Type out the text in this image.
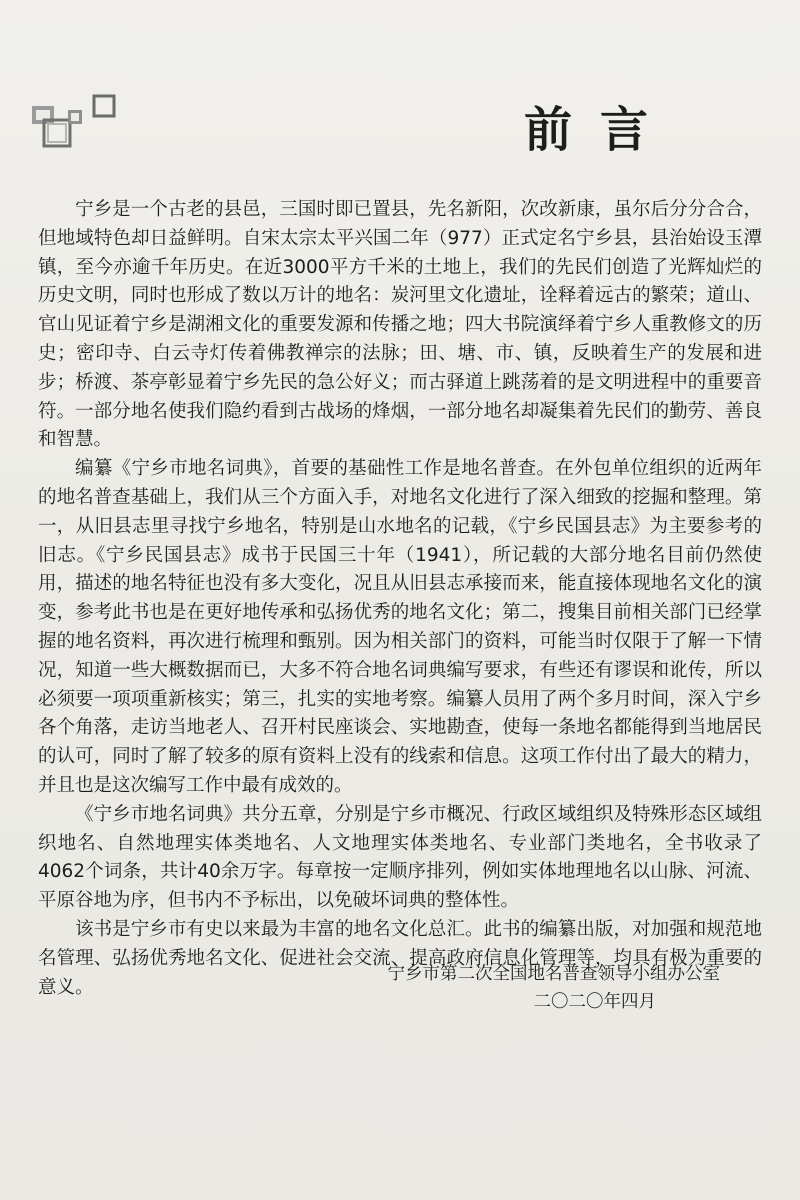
前言

宁乡是一个古老的县邑，三国时即已置县，先名新阳，次改新康，虽尔后分分合合，但地域特色却日益鲜明。自宋太宗太平兴国二年（977）正式定名宁乡县，县治始设玉潭镇，至今亦逾千年历史。在近3000平方千米的土地上，我们的先民们创造了光辉灿烂的历史文明，同时也形成了数以万计的地名：炭河里文化遗址，诠释着远古的繁荣；道山、官山见证着宁乡是湖湘文化的重要发源和传播之地；四大书院演绎着宁乡人重教修文的历史；密印寺、白云寺灯传着佛教禅宗的法脉；田、塘、市、镇，反映着生产的发展和进步；桥渡、茶亭彰显着宁乡先民的急公好义；而古驿道上跳荡着的是文明进程中的重要音符。一部分地名使我们隐约看到古战场的烽烟，一部分地名却凝集着先民们的勤劳、善良和智慧。

编纂《宁乡市地名词典》，首要的基础性工作是地名普查。在外包单位组织的近两年的地名普查基础上，我们从三个方面入手，对地名文化进行了深入细致的挖掘和整理。第一，从旧县志里寻找宁乡地名，特别是山水地名的记载，《宁乡民国县志》为主要参考的旧志。《宁乡民国县志》成书于民国三十年（1941），所记载的大部分地名目前仍然使用，描述的地名特征也没有多大变化，况且从旧县志承接而来，能直接体现地名文化的演变，参考此书也是在更好地传承和弘扬优秀的地名文化；第二，搜集目前相关部门已经掌握的地名资料，再次进行梳理和甄别。因为相关部门的资料，可能当时仅限于了解一下情况，知道一些大概数据而已，大多不符合地名词典编写要求，有些还有谬误和讹传，所以必须要一项项重新核实；第三，扎实的实地考察。编纂人员用了两个多月时间，深入宁乡各个角落，走访当地老人、召开村民座谈会、实地勘查，使每一条地名都能得到当地居民的认可，同时了解了较多的原有资料上没有的线索和信息。这项工作付出了最大的精力，并且也是这次编写工作中最有成效的。

《宁乡市地名词典》共分五章，分别是宁乡市概况、行政区域组织及特殊形态区域组织地名、自然地理实体类地名、人文地理实体类地名、专业部门类地名，全书收录了4062个词条，共计40余万字。每章按一定顺序排列，例如实体地理地名以山脉、河流、平原谷地为序，但书内不予标出，以免破坏词典的整体性。

该书是宁乡市有史以来最为丰富的地名文化总汇。此书的编纂出版，对加强和规范地名管理、弘扬优秀地名文化、促进社会交流、提高政府信息化管理等，均具有极为重要的意义。

宁乡市第二次全国地名普查领导小组办公室
二〇二〇年四月
